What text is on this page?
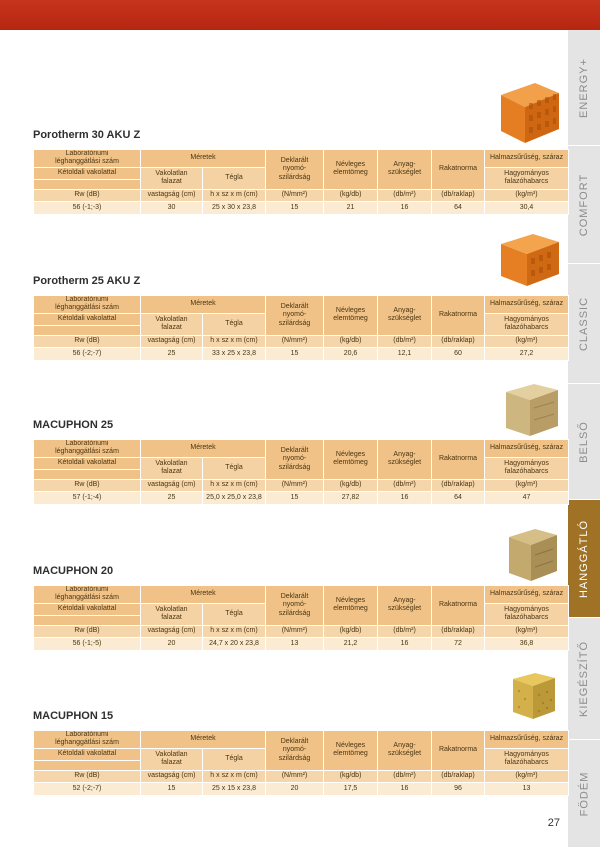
ENERGY+
COMFORT
CLASSIC
BELSŐ
HANGGÁTLÓ
KIEGÉSZÍTŐ
FÖDÉM
Porotherm 30 AKU Z
Laboratóriumi
léghanggátlási szám	Méretek		Deklarált
nyomó-
szilárdság	Névleges
elemtömeg	Anyag-
szükséglet	Rakatnorma	Halmazsűrűség, száraz
Kétoldali vakolattal	Vakolatlan
falazat	Tégla					Hagyományos
falazóhabarcs

Rw (dB)	vastagság (cm)	h x sz x m (cm)	(N/mm²)	(kg/db)	(db/m²)	(db/raklap)	(kg/m³)
56 (-1;-3)	30	25 x 30 x 23,8	15	21	16	64	30,4
Porotherm 25 AKU Z
Laboratóriumi
léghanggátlási szám	Méretek		Deklarált
nyomó-
szilárdság	Névleges
elemtömeg	Anyag-
szükséglet	Rakatnorma	Halmazsűrűség, száraz
Kétoldali vakolattal	Vakolatlan
falazat	Tégla					Hagyományos
falazóhabarcs

Rw (dB)	vastagság (cm)	h x sz x m (cm)	(N/mm²)	(kg/db)	(db/m²)	(db/raklap)	(kg/m³)
56 (-2;-7)	25	33 x 25 x 23,8	15	20,6	12,1	60	27,2
MACUPHON 25
Laboratóriumi
léghanggátlási szám	Méretek		Deklarált
nyomó-
szilárdság	Névleges
elemtömeg	Anyag-
szükséglet	Rakatnorma	Halmazsűrűség, száraz
Kétoldali vakolattal	Vakolatlan
falazat	Tégla					Hagyományos
falazóhabarcs

Rw (dB)	vastagság (cm)	h x sz x m (cm)	(N/mm²)	(kg/db)	(db/m²)	(db/raklap)	(kg/m³)
57 (-1;-4)	25	25,0 x 25,0 x 23,8	15	27,82	16	64	47
MACUPHON 20
Laboratóriumi
léghanggátlási szám	Méretek		Deklarált
nyomó-
szilárdság	Névleges
elemtömeg	Anyag-
szükséglet	Rakatnorma	Halmazsűrűség, száraz
Kétoldali vakolattal	Vakolatlan
falazat	Tégla					Hagyományos
falazóhabarcs

Rw (dB)	vastagság (cm)	h x sz x m (cm)	(N/mm²)	(kg/db)	(db/m²)	(db/raklap)	(kg/m³)
56 (-1;-5)	20	24,7 x 20 x 23,8	13	21,2	16	72	36,8
MACUPHON 15
Laboratóriumi
léghanggátlási szám	Méretek		Deklarált
nyomó-
szilárdság	Névleges
elemtömeg	Anyag-
szükséglet	Rakatnorma	Halmazsűrűség, száraz
Kétoldali vakolattal	Vakolatlan
falazat	Tégla					Hagyományos
falazóhabarcs

Rw (dB)	vastagság (cm)	h x sz x m (cm)	(N/mm²)	(kg/db)	(db/m²)	(db/raklap)	(kg/m³)
52 (-2;-7)	15	25 x 15 x 23,8	20	17,5	16	96	13
27
